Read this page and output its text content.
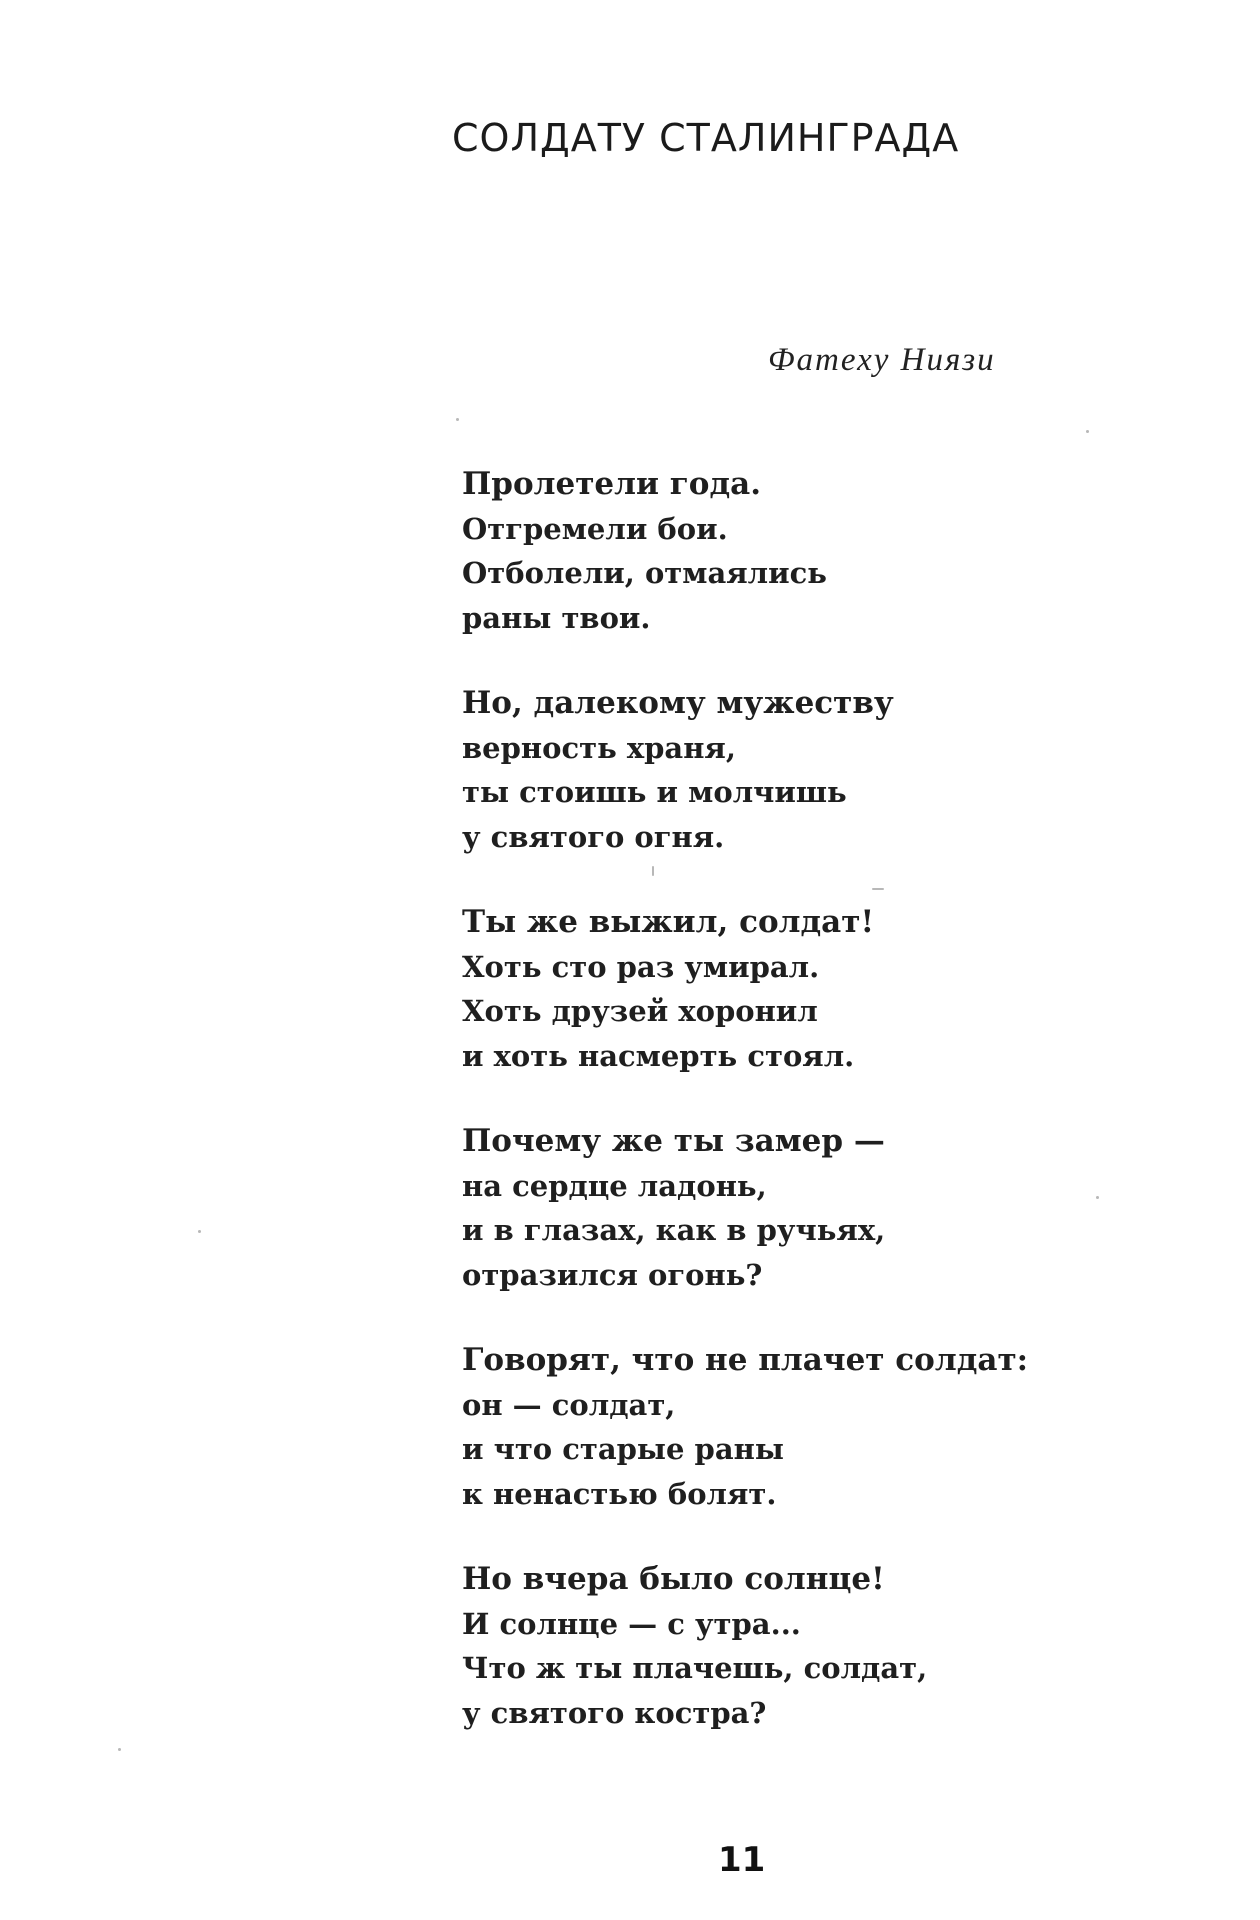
СОЛДАТУ СТАЛИНГРАДА
Фатеху Ниязи
Пролетели года.
Отгремели бои.
Отболели, отмаялись
раны твои.
Но, далекому мужеству
верность храня,
ты стоишь и молчишь
у святого огня.
Ты же выжил, солдат!
Хоть сто раз умирал.
Хоть друзей хоронил
и хоть насмерть стоял.
Почему же ты замер —
на сердце ладонь,
и в глазах, как в ручьях,
отразился огонь?
Говорят, что не плачет солдат:
он — солдат,
и что старые раны
к ненастью болят.
Но вчера было солнце!
И солнце — с утра...
Что ж ты плачешь, солдат,
у святого костра?
11
